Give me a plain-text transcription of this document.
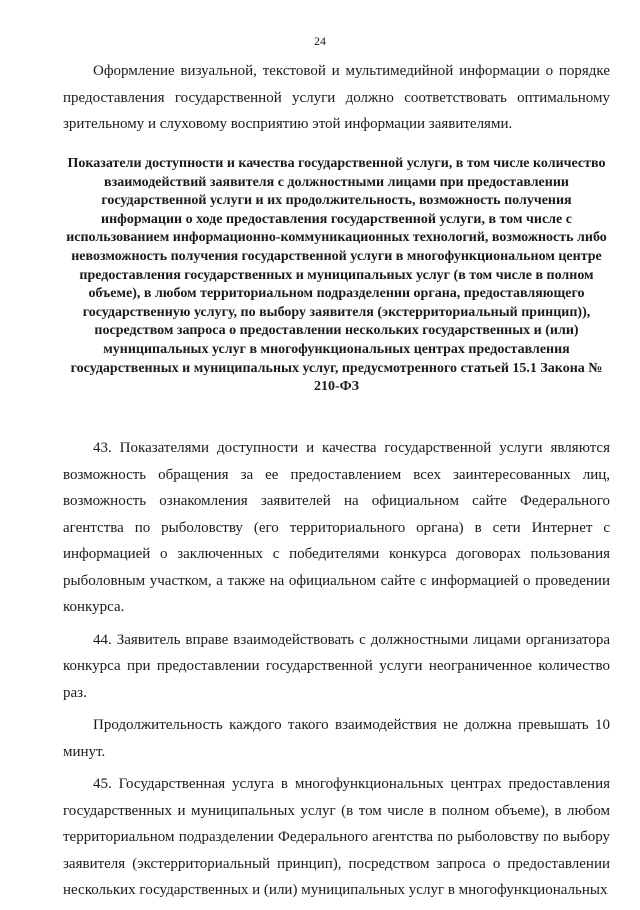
24

Оформление визуальной, текстовой и мультимедийной информации о порядке предоставления государственной услуги должно соответствовать оптимальному зрительному и слуховому восприятию этой информации заявителями.

Показатели доступности и качества государственной услуги, в том числе количество взаимодействий заявителя с должностными лицами при предоставлении государственной услуги и их продолжительность, возможность получения информации о ходе предоставления государственной услуги, в том числе с использованием информационно-коммуникационных технологий, возможность либо невозможность получения государственной услуги в многофункциональном центре предоставления государственных и муниципальных услуг (в том числе в полном объеме), в любом территориальном подразделении органа, предоставляющего государственную услугу, по выбору заявителя (экстерриториальный принцип)), посредством запроса о предоставлении нескольких государственных и (или) муниципальных услуг в многофункциональных центрах предоставления государственных и муниципальных услуг, предусмотренного статьей 15.1 Закона № 210-ФЗ

43. Показателями доступности и качества государственной услуги являются возможность обращения за ее предоставлением всех заинтересованных лиц, возможность ознакомления заявителей на официальном сайте Федерального агентства по рыболовству (его территориального органа) в сети Интернет с информацией о заключенных с победителями конкурса договорах пользования рыболовным участком, а также на официальном сайте с информацией о проведении конкурса.

44. Заявитель вправе взаимодействовать с должностными лицами организатора конкурса при предоставлении государственной услуги неограниченное количество раз.

Продолжительность каждого такого взаимодействия не должна превышать 10 минут.

45. Государственная услуга в многофункциональных центрах предоставления государственных и муниципальных услуг (в том числе в полном объеме), в любом территориальном подразделении Федерального агентства по рыболовству по выбору заявителя (экстерриториальный принцип), посредством запроса о предоставлении нескольких государственных и (или) муниципальных услуг в многофункциональных
